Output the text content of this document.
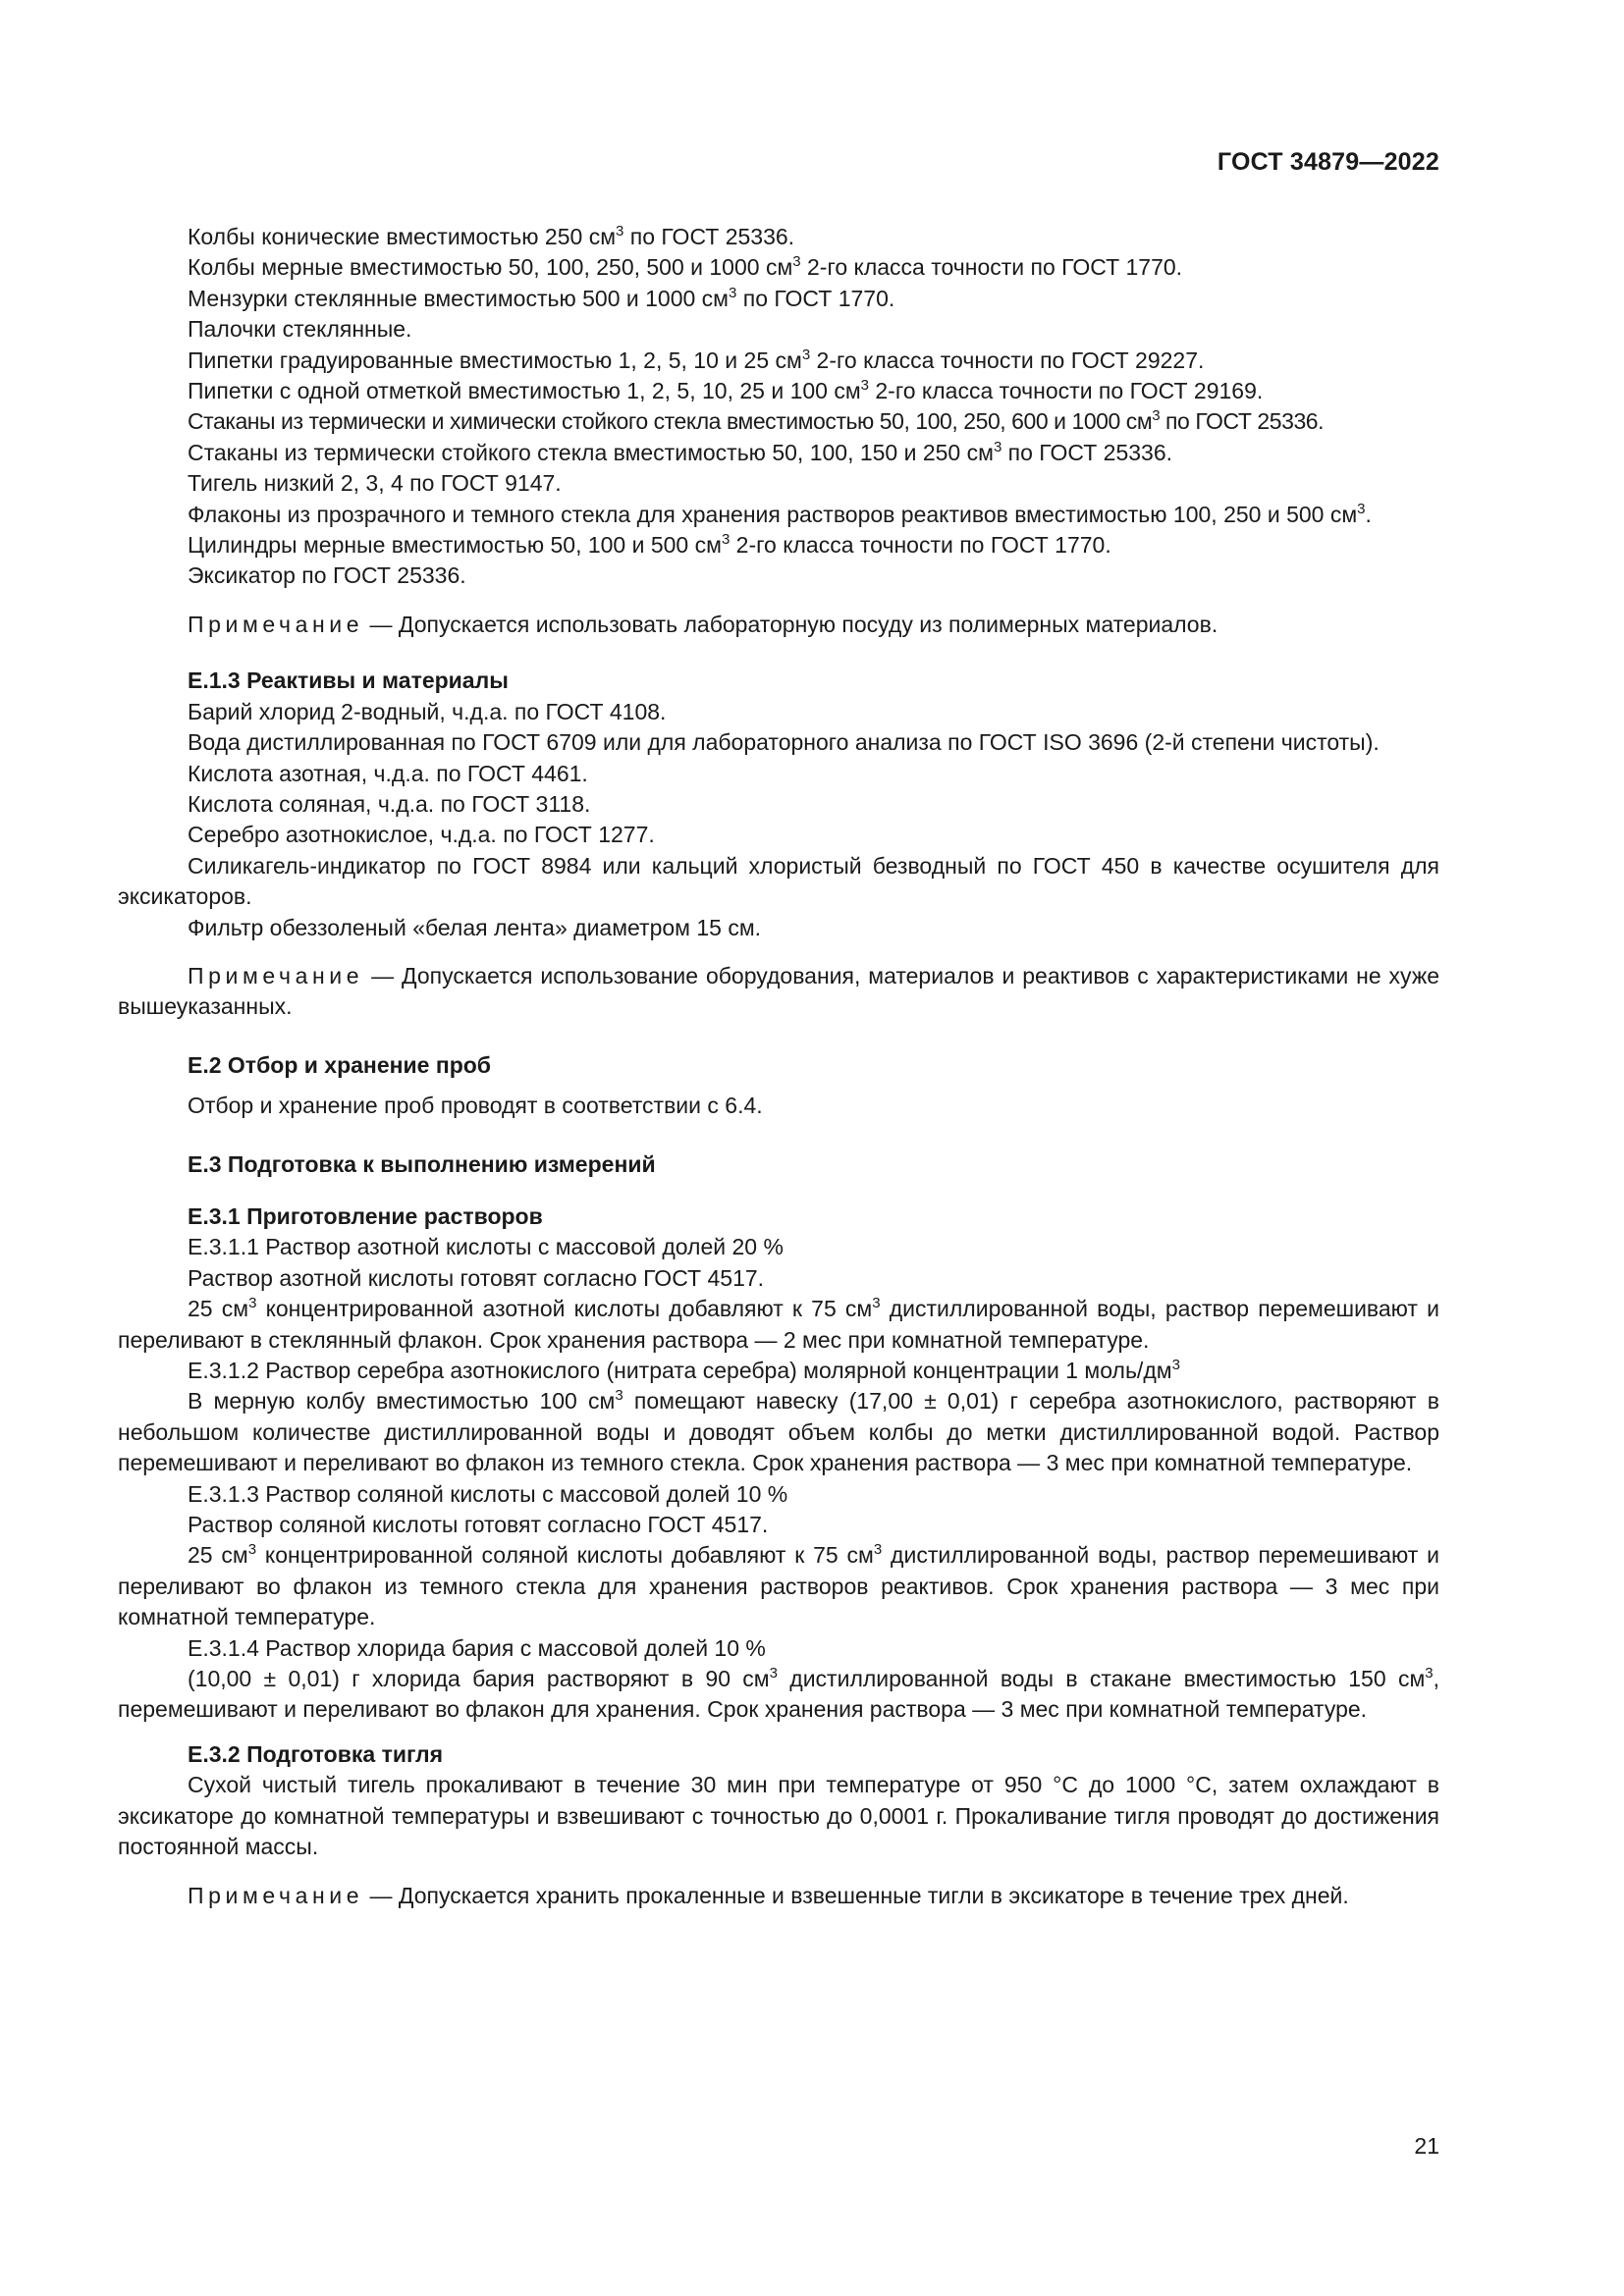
ГОСТ 34879—2022

Колбы конические вместимостью 250 $см^3$ по ГОСТ 25336.

Колбы мерные вместимостью 50, 100, 250, 500 и 1000 $см^3$ 2-го класса точности по ГОСТ 1770.

Мензурки стеклянные вместимостью 500 и 1000 $см^3$ по ГОСТ 1770.

Палочки стеклянные.

Пипетки градуированные вместимостью 1, 2, 5, 10 и 25 $см^3$ 2-го класса точности по ГОСТ 29227.

Пипетки с одной отметкой вместимостью 1, 2, 5, 10, 25 и 100 $см^3$ 2-го класса точности по ГОСТ 29169.

Стаканы из термически и химически стойкого стекла вместимостью 50, 100, 250, 600 и 1000 $см^3$ по ГОСТ 25336.

Стаканы из термически стойкого стекла вместимостью 50, 100, 150 и 250 $см^3$ по ГОСТ 25336.

Тигель низкий 2, 3, 4 по ГОСТ 9147.

Флаконы из прозрачного и темного стекла для хранения растворов реактивов вместимостью 100, 250 и 500 $см^3$.

Цилиндры мерные вместимостью 50, 100 и 500 $см^3$ 2-го класса точности по ГОСТ 1770.

Эксикатор по ГОСТ 25336.

Примечание — Допускается использовать лабораторную посуду из полимерных материалов.

Е.1.3 Реактивы и материалы

Барий хлорид 2-водный, ч.д.а. по ГОСТ 4108.

Вода дистиллированная по ГОСТ 6709 или для лабораторного анализа по ГОСТ ISO 3696 (2-й степени чистоты).

Кислота азотная, ч.д.а. по ГОСТ 4461.

Кислота соляная, ч.д.а. по ГОСТ 3118.

Серебро азотнокислое, ч.д.а. по ГОСТ 1277.

Силикагель-индикатор по ГОСТ 8984 или кальций хлористый безводный по ГОСТ 450 в качестве осушителя для эксикаторов.

Фильтр обеззоленый «белая лента» диаметром 15 см.

Примечание — Допускается использование оборудования, материалов и реактивов с характеристиками не хуже вышеуказанных.

Е.2 Отбор и хранение проб

Отбор и хранение проб проводят в соответствии с 6.4.

Е.3 Подготовка к выполнению измерений

Е.3.1 Приготовление растворов

Е.3.1.1 Раствор азотной кислоты с массовой долей 20 %

Раствор азотной кислоты готовят согласно ГОСТ 4517.

25 $см^3$ концентрированной азотной кислоты добавляют к 75 $см^3$ дистиллированной воды, раствор перемешивают и переливают в стеклянный флакон. Срок хранения раствора — 2 мес при комнатной температуре.

Е.3.1.2 Раствор серебра азотнокислого (нитрата серебра) молярной концентрации 1 моль/$дм^3$

В мерную колбу вместимостью 100 $см^3$ помещают навеску (17,00 ± 0,01) г серебра азотнокислого, растворяют в небольшом количестве дистиллированной воды и доводят объем колбы до метки дистиллированной водой. Раствор перемешивают и переливают во флакон из темного стекла. Срок хранения раствора — 3 мес при комнатной температуре.

Е.3.1.3 Раствор соляной кислоты с массовой долей 10 %

Раствор соляной кислоты готовят согласно ГОСТ 4517.

25 $см^3$ концентрированной соляной кислоты добавляют к 75 $см^3$ дистиллированной воды, раствор перемешивают и переливают во флакон из темного стекла для хранения растворов реактивов. Срок хранения раствора — 3 мес при комнатной температуре.

Е.3.1.4 Раствор хлорида бария с массовой долей 10 %

(10,00 ± 0,01) г хлорида бария растворяют в 90 $см^3$ дистиллированной воды в стакане вместимостью 150 $см^3$, перемешивают и переливают во флакон для хранения. Срок хранения раствора — 3 мес при комнатной температуре.

Е.3.2 Подготовка тигля

Сухой чистый тигель прокаливают в течение 30 мин при температуре от 950 °С до 1000 °С, затем охлаждают в эксикаторе до комнатной температуры и взвешивают с точностью до 0,0001 г. Прокаливание тигля проводят до достижения постоянной массы.

Примечание — Допускается хранить прокаленные и взвешенные тигли в эксикаторе в течение трех дней.

21
